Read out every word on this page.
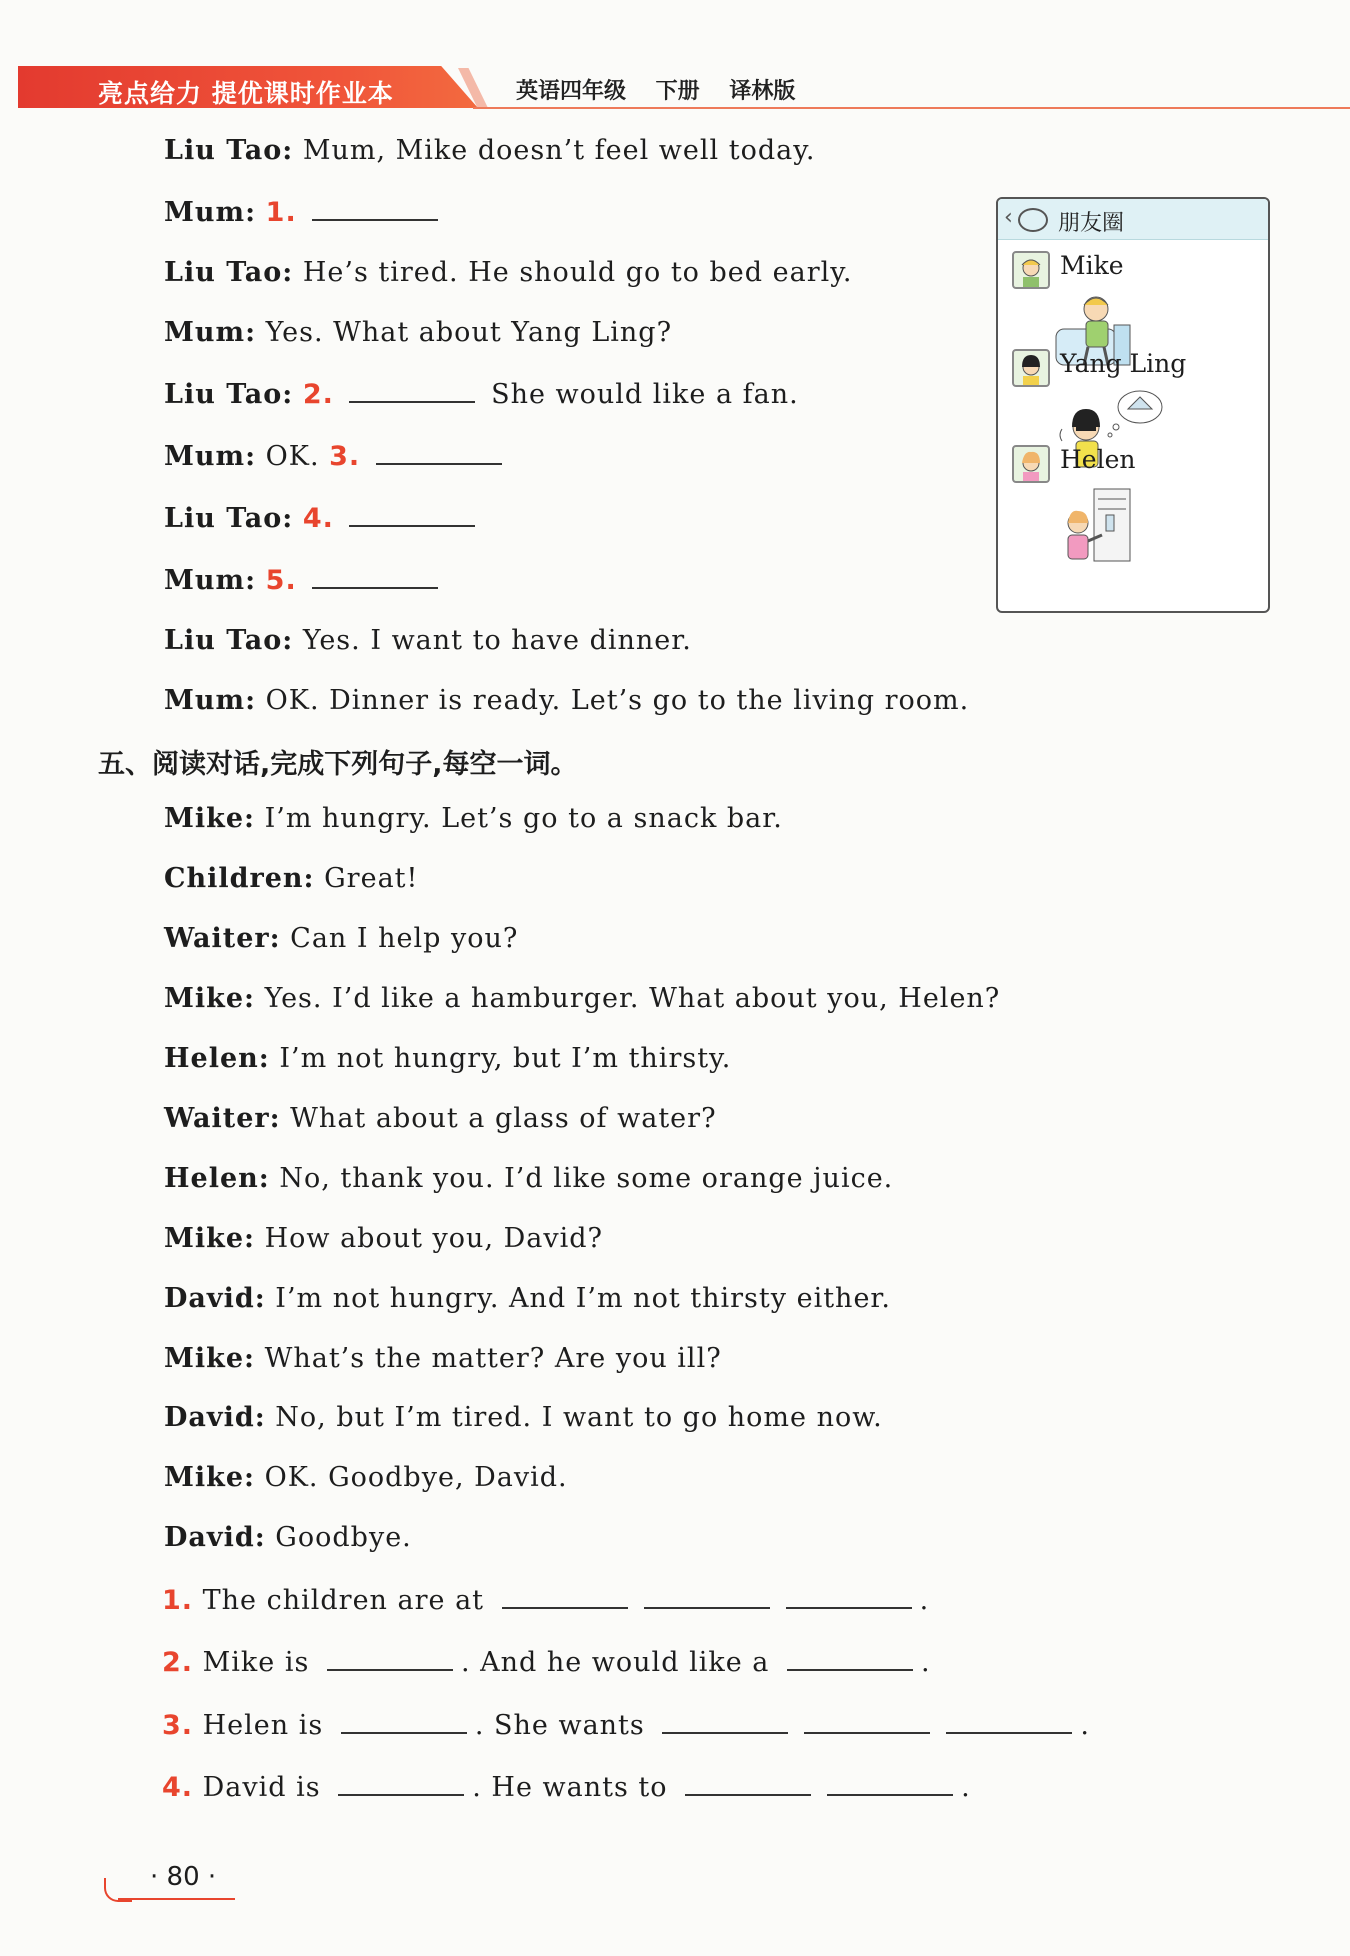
亮点给力 提优课时作业本	英语四年级　 下册　 译林版
Liu Tao: Mum, Mike doesn’t feel well today.
Mum: 1.
Liu Tao: He’s tired. He should go to bed early.
Mum: Yes. What about Yang Ling?
Liu Tao: 2.	She would like a fan.
Mum: OK. 3.
Liu Tao: 4.
Mum: 5.
Liu Tao: Yes. I want to have dinner.
Mum: OK. Dinner is ready. Let’s go to the living room.
‹ 朋友圈
Mike
Yang Ling
Helen
五、阅读对话,完成下列句子,每空一词。
Mike: I’m hungry. Let’s go to a snack bar.
Children: Great!
Waiter: Can I help you?
Mike: Yes. I’d like a hamburger. What about you, Helen?
Helen: I’m not hungry, but I’m thirsty.
Waiter: What about a glass of water?
Helen: No, thank you. I’d like some orange juice.
Mike: How about you, David?
David: I’m not hungry. And I’m not thirsty either.
Mike: What’s the matter? Are you ill?
David: No, but I’m tired. I want to go home now.
Mike: OK. Goodbye, David.
David: Goodbye.
1. The children are at	.
2. Mike is	. And he would like a	.
3. Helen is	. She wants	.
4. David is	. He wants to	.
· 80 ·
